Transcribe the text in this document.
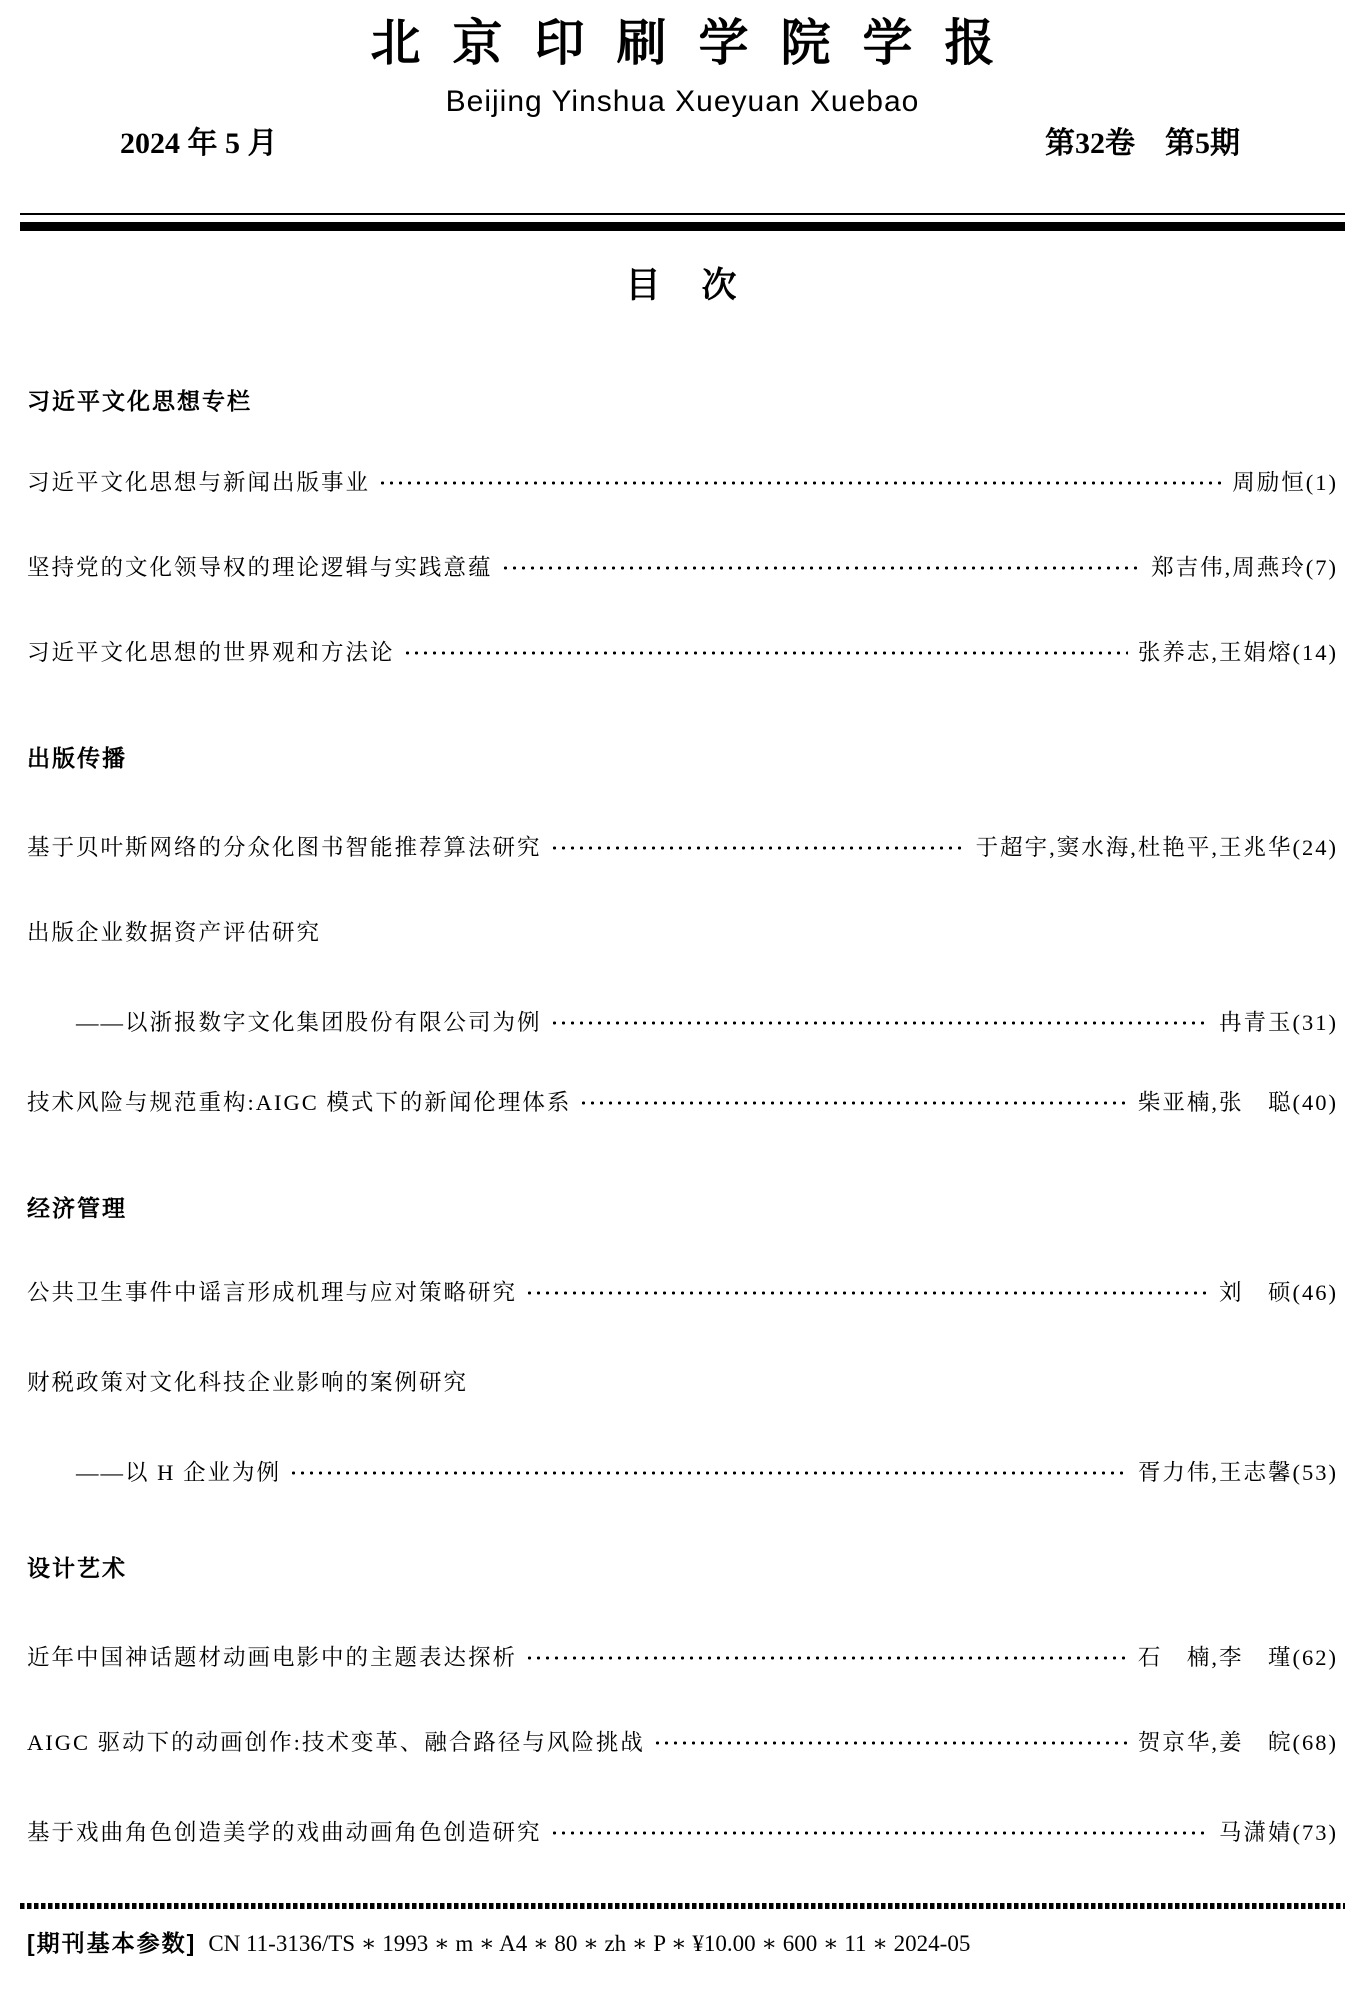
北京印刷学院学报
Beijing Yinshua Xueyuan Xuebao
2024 年 5 月	第32卷　第5期
目　次
习近平文化思想专栏
习近平文化思想与新闻出版事业	周励恒 (1)
坚持党的文化领导权的理论逻辑与实践意蕴	郑吉伟,周燕玲 (7)
习近平文化思想的世界观和方法论	张养志,王娟熔 (14)
出版传播
基于贝叶斯网络的分众化图书智能推荐算法研究	于超宇,窦水海,杜艳平,王兆华 (24)
出版企业数据资产评估研究
——以浙报数字文化集团股份有限公司为例	冉青玉 (31)
技术风险与规范重构:AIGC 模式下的新闻伦理体系	柴亚楠,张　聪 (40)
经济管理
公共卫生事件中谣言形成机理与应对策略研究	刘　硕 (46)
财税政策对文化科技企业影响的案例研究
——以 H 企业为例	胥力伟,王志馨 (53)
设计艺术
近年中国神话题材动画电影中的主题表达探析	石　楠,李　瑾 (62)
AIGC 驱动下的动画创作:技术变革、融合路径与风险挑战	贺京华,姜　皖 (68)
基于戏曲角色创造美学的戏曲动画角色创造研究	马潇婧 (73)
[期刊基本参数] CN 11-3136/TS ∗ 1993 ∗ m ∗ A4 ∗ 80 ∗ zh ∗ P ∗ ¥10.00 ∗ 600 ∗ 11 ∗ 2024-05
